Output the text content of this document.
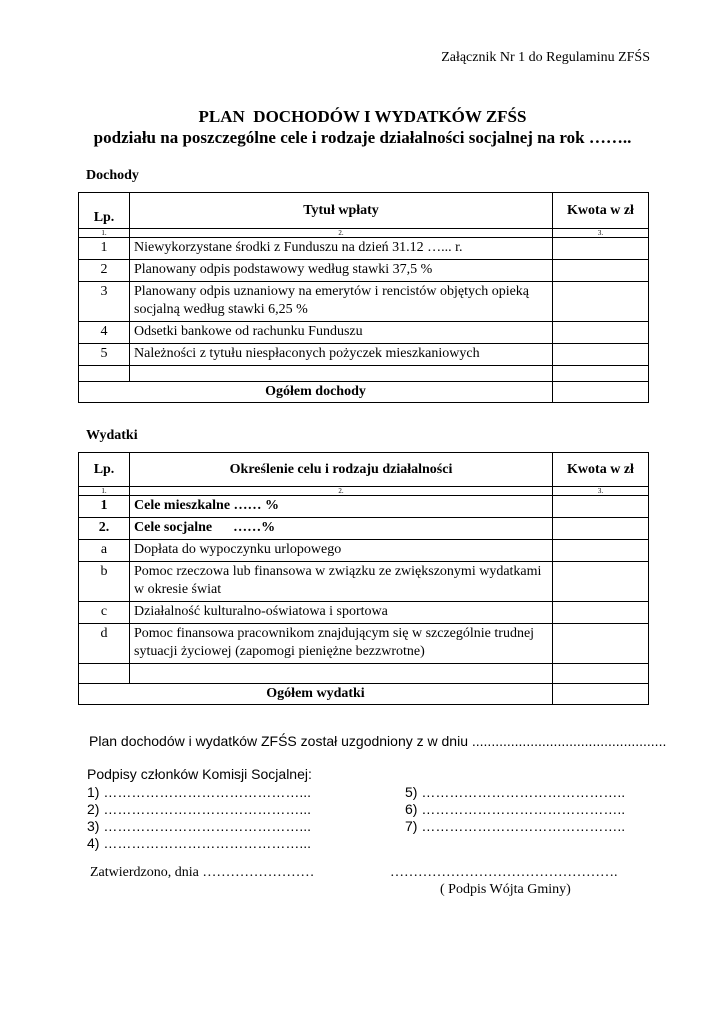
Załącznik Nr 1 do Regulaminu ZFŚS
PLAN  DOCHODÓW I WYDATKÓW ZFŚS
podziału na poszczególne cele i rodzaje działalności socjalnej na rok ……..
Dochody
Lp.	Tytuł wpłaty	Kwota w zł
1.	2.	3.
1	Niewykorzystane środki z Funduszu na dzień 31.12 …... r.	
2	Planowany odpis podstawowy według stawki 37,5 %	
3	Planowany odpis uznaniowy na emerytów i rencistów objętych opieką socjalną według stawki 6,25 %	
4	Odsetki bankowe od rachunku Funduszu	
5	Należności z tytułu niespłaconych pożyczek mieszkaniowych	

Ogółem dochody		
Wydatki
Lp.	Określenie celu i rodzaju działalności	Kwota w zł
1.	2.	3.
1	Cele mieszkalne …… %	
2.	Cele socjalne      ……%	
a	Dopłata do wypoczynku urlopowego	
b	Pomoc rzeczowa lub finansowa w związku ze zwiększonymi wydatkami w okresie świat	
c	Działalność kulturalno-oświatowa i sportowa	
d	Pomoc finansowa pracownikom znajdującym się w szczególnie trudnej sytuacji życiowej (zapomogi pieniężne bezzwrotne)	

Ogółem wydatki		
Plan dochodów i wydatków ZFŚS został uzgodniony z w dniu ..................................................
Podpisy członków Komisji Socjalnej:
1) ……………………………………...
2) ……………………………………...
3) ……………………………………...
4) ……………………………………...
5) ……………………………………..
6) ……………………………………..
7) ……………………………………..
Zatwierdzono, dnia ……………………	………………………………………….
( Podpis Wójta Gminy)
